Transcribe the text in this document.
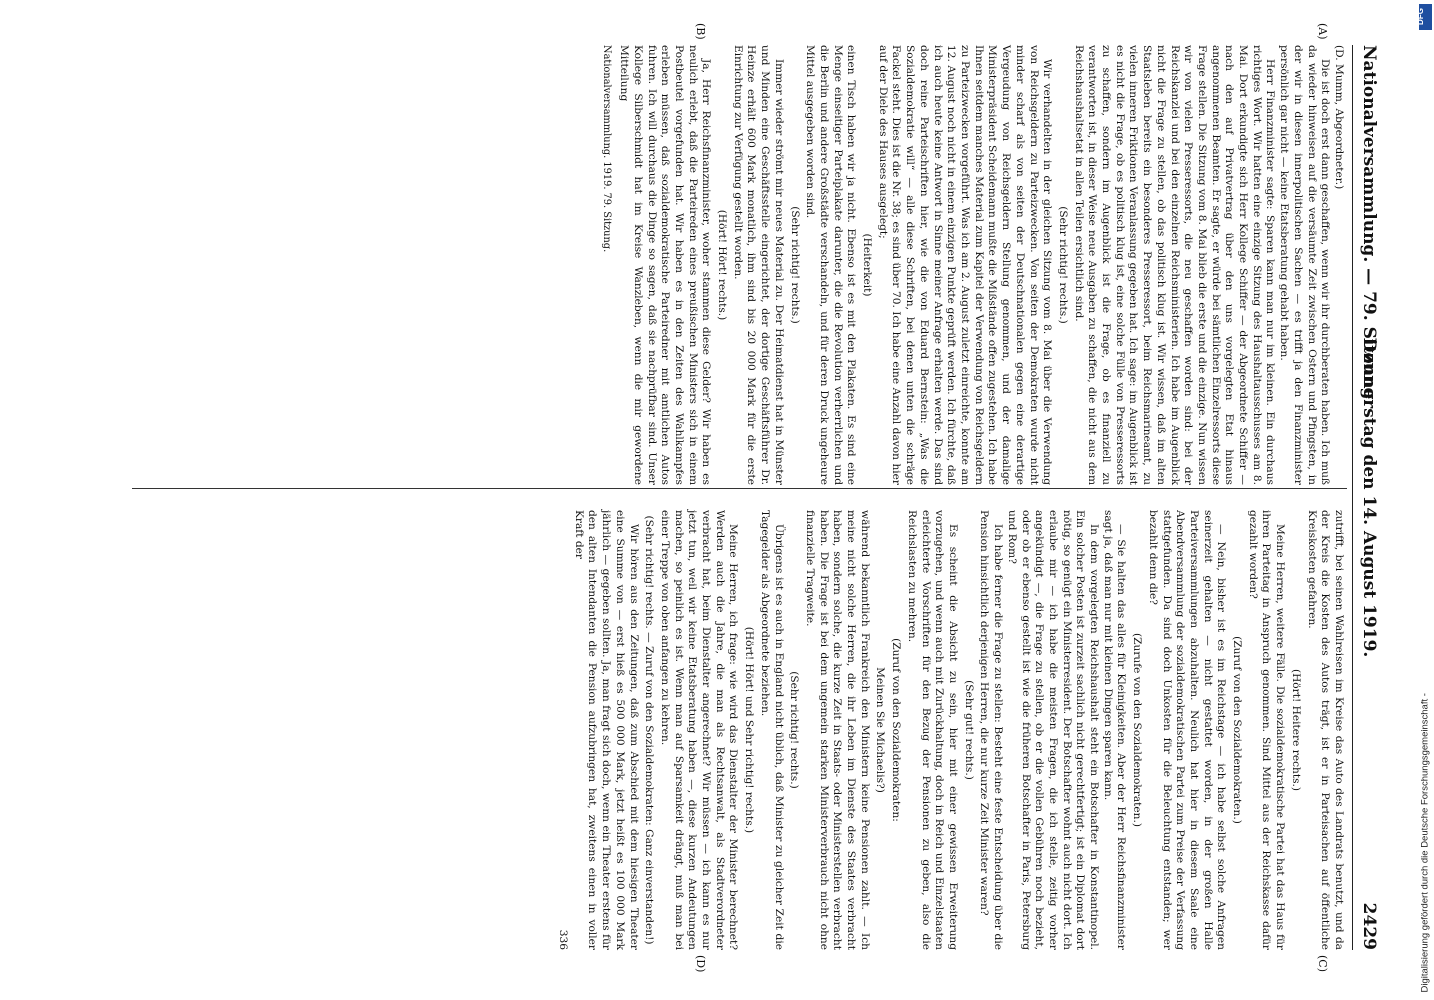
Nationalversammlung. — 79. Sitzung.
Donnerstag den 14. August 1919.
2429
(A)
(B)
(C)
(D)

(D. Mumm, Abgeordneter.)

Die ist doch erst dann geschaffen, wenn wir ihr durchberaten haben. Ich muß da wieder hinweisen auf die versäumte Zeit zwischen Ostern und Pfingsten, in der wir in diesen innerpolitischen Sachen — es trifft ja den Finanzminister persönlich gar nicht — keine Etatsberatung gehabt haben.

Herr Finanzminister sagte: Sparen kann man nur im kleinen. Ein durchaus richtiges Wort. Wir hatten eine einzige Sitzung des Haushaltausschusses am 8. Mai. Dort erkundigte sich Herr Kollege Schiffer — der Abgeordnete Schiffer — nach den auf Privatvertrag über den uns vorgelegten Etat hinaus angenommenen Beamten. Er sagte, er würde bei sämtlichen Einzelressorts diese Frage stellen. Die Sitzung vom 8. Mai blieb die erste und die einzige. Nun wissen wir von vielen Presseressorts, die neu geschaffen worden sind: bei der Reichskanzlei und bei den einzelnen Reichsministerien. Ich habe im Augenblick nicht die Frage zu stellen, ob das politisch klug ist. Wir wissen, daß im alten Staatsleben bereits ein besonderes Presseressort, beim Reichsmarineamt, zu vielen inneren Friktionen Veranlassung gegeben hat. Ich sage: im Augenblick ist es nicht die Frage, ob es politisch klug ist, eine solche Fülle von Presseressorts zu schaffen, sondern im Augenblick ist die Frage, ob es finanziell zu verantworten ist, in dieser Weise neue Ausgaben zu schaffen, die nicht aus dem Reichshaushaltsetat in allen Teilen ersichtlich sind.

(Sehr richtig! rechts.)

Wir verhandelten in der gleichen Sitzung vom 8. Mai über die Verwendung von Reichsgeldern zu Parteizwecken. Von seiten der Demokraten wurde nicht minder scharf als von seiten der Deutschnationalen gegen eine derartige Vergeudung von Reichsgeldern Stellung genommen, und der damalige Ministerpräsident Scheidemann mußte die Mißstände offen zugestehen. Ich habe Ihnen seitdem manches Material zum Kapitel der Verwendung von Reichsgeldern zu Parteizwecken vorgeführt. Was ich am 2. August zuletzt einreichte, konnte am 12. August noch nicht in einem einzigen Punkte geprüft werden. Ich fürchte, daß ich auch heute keine Antwort in Sinne meiner Anfrage erhalten werde. Das sind doch reine Parteischriften hier, wie die von Eduard Bernstein: „Was die Sozialdemokratie will“ — alle diese Schriften, bei denen unten die schräge Fackel steht. Dies ist die Nr. 38; es sind über 70. Ich habe eine Anzahl davon hier auf der Diele des Hauses ausgelegt;

(Heiterkeit)

einen Tisch haben wir ja nicht. Ebenso ist es mit den Plakaten. Es sind eine Menge einseitiger Parteiplakate darunter, die die Revolution verherrlichen und die Berlin und andere Großstädte verschandeln, und für deren Druck ungeheure Mittel ausgegeben worden sind.

(Sehr richtig! rechts.)

Immer wieder strömt mir neues Material zu. Der Heimatdienst hat in Münster und Minden eine Geschäftsstelle eingerichtet, der dortige Geschäftsführer Dr. Heinze erhält 600 Mark monatlich, ihm sind bis 20 000 Mark für die erste Einrichtung zur Verfügung gestellt worden.

(Hört! Hört! rechts.)

Ja, Herr Reichsfinanzminister, woher stammen diese Gelder? Wir haben es neulich erlebt, daß die Parteireden eines preußischen Ministers sich in einem Postbeutel vorgefunden hat. Wir haben es in den Zeiten des Wahlkampfes erleben müssen, daß sozialdemokratische Parteiredner mit amtlichen Autos fuhren. Ich will durchaus die Dinge so sagen, daß sie nachprüfbar sind. Unser Kollege Silberschmidt hat im Kreise Wanzleben, wenn die mir gewordene Mitteilung

Nationalversammlung. 1919. 79. Sitzung.

zutrifft, bei seinen Wahlreisen im Kreise das Auto des Landrats benutzt, und da der Kreis die Kosten des Autos trägt, ist er in Parteisachen auf öffentliche Kreiskosten gefahren.

(Hört! Heitere rechts.)

Meine Herren, weitere Fälle. Die sozialdemokratische Partei hat das Haus für ihren Parteitag in Anspruch genommen. Sind Mittel aus der Reichskasse dafür gezahlt worden?

(Zuruf von den Sozialdemokraten.)

— Nein, bisher ist es im Reichstage — ich habe selbst solche Anfragen seinerzeit gehalten — nicht gestattet worden, in der großen Halle Parteiversammlungen abzuhalten. Neulich hat hier in diesem Saale eine Abendversammlung der sozialdemokratischen Partei zum Preise der Verfassung stattgefunden. Da sind doch Unkosten für die Beleuchtung entstanden; wer bezahlt denn die?

(Zurufe von den Sozialdemokraten.)

— Sie halten das alles für Kleinigkeiten. Aber der Herr Reichsfinanzminister sagt ja, daß man nur mit kleinen Dingen sparen kann.

In dem vorgelegten Reichshaushalt steht ein Botschafter in Konstantinopel. Ein solcher Posten ist zurzeit sachlich nicht gerechtfertigt; ist ein Diplomat dort nötig, so genügt ein Ministerresident. Der Botschafter wohnt auch nicht dort. Ich erlaube mir — ich habe die meisten Fragen, die ich stelle, zeitig vorher angekündigt —, die Frage zu stellen, ob er die vollen Gebühren noch bezieht, oder ob er ebenso gestellt ist wie die früheren Botschafter in Paris, Petersburg und Rom?

Ich habe ferner die Frage zu stellen: Besteht eine feste Entscheidung über die Pension hinsichtlich derjenigen Herren, die nur kurze Zeit Minister waren?

(Sehr gut! rechts.)

Es scheint die Absicht zu sein, hier mit einer gewissen Erweiterung vorzugehen, und wenn auch mit Zurückhaltung, doch in Reich und Einzelstaaten erleichterte Vorschriften für den Bezug der Pensionen zu geben, also die Reichslasten zu mehren.

(Zuruf von den Sozialdemokraten:

Meinen Sie Michaelis?)

während bekanntlich Frankreich den Ministern keine Pensionen zahlt. — Ich meine nicht solche Herren, die ihr Leben im Dienste des Staates verbracht haben, sondern solche, die kurze Zeit in Staats- oder Ministerstellen verbracht haben. Die Frage ist bei dem ungemein starken Ministerverbrauch nicht ohne finanzielle Tragweite.

(Sehr richtig! rechts.)

Übrigens ist es auch in England nicht üblich, daß Minister zu gleicher Zeit die Tagegelder als Abgeordnete beziehen.

(Hört! Hört! und Sehr richtig! rechts.)

Meine Herren, ich frage: wie wird das Dienstalter der Minister berechnet? Werden auch die Jahre, die man als Rechtsanwalt, als Stadtverordneter verbracht hat, beim Dienstalter angerechnet? Wir müssen — ich kann es nur jetzt tun, weil wir keine Etatsberatung haben —, diese kurzen Andeutungen machen, so peinlich es ist. Wenn man auf Sparsamkeit drängt, muß man bei einer Treppe von oben anfangen zu kehren.

(Sehr richtig! rechts. — Zuruf von den Sozialdemokraten: Ganz einverstanden!)

Wir hören aus den Zeitungen, daß zum Abschied mit dem hiesigen Theater eine Summe von — erst hieß es 500 000 Mark, jetzt heißt es 100 000 Mark jährlich — gegeben sollten. Ja, man fragt sich doch, wenn ein Theater erstens für den alten Intendanten die Pension aufzubringen hat, zweitens einen in voller Kraft der

336

DFG
Digitalisierung gefördert durch die Deutsche Forschungsgemeinschaft -
